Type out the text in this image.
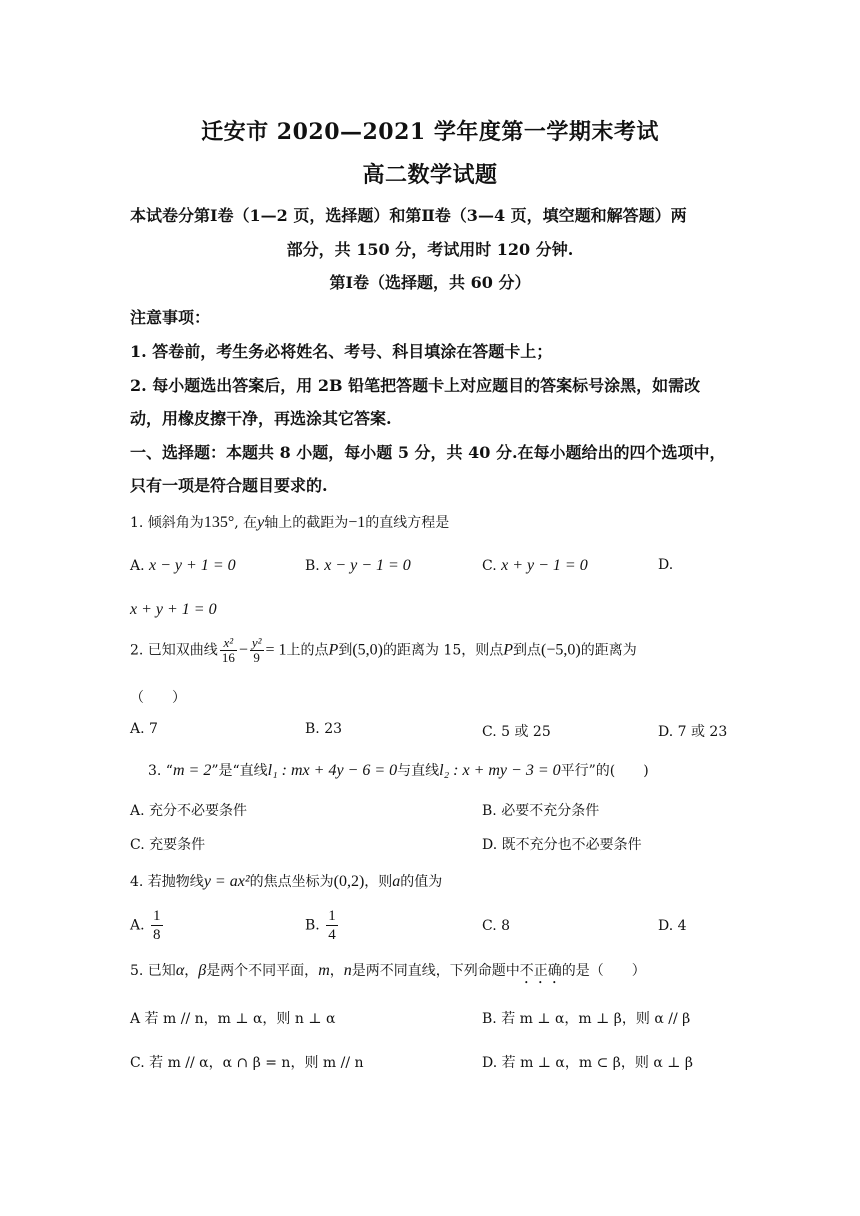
迁安市 2020—2021 学年度第一学期末考试
高二数学试题
本试卷分第Ⅰ卷（1—2 页，选择题）和第Ⅱ卷（3—4 页，填空题和解答题）两
部分，共 150 分，考试用时 120 分钟.
第Ⅰ卷（选择题，共 60 分）
注意事项：
1. 答卷前，考生务必将姓名、考号、科目填涂在答题卡上；
2. 每小题选出答案后，用 2B 铅笔把答题卡上对应题目的答案标号涂黑，如需改
动，用橡皮擦干净，再选涂其它答案.
一、选择题：本题共 8 小题，每小题 5 分，共 40 分.在每小题给出的四个选项中，
只有一项是符合题目要求的.
1. 倾斜角为135°, 在y轴上的截距为−1的直线方程是
A. x − y + 1 = 0	B. x − y − 1 = 0	C. x + y − 1 = 0	D.
x + y + 1 = 0
2. 已知双曲线 $\frac{\text{x²}}{16} - \frac{\text{y²}}{9} = 1$上的点P到(5,0)的距离为 15，则点P到点(−5,0)的距离为
（　　）
A. 7	B. 23	C. 5 或 25	D. 7 或 23
3. “m = 2”是“直线l₁ : mx + 4y − 6 = 0与直线l₂ : x + my − 3 = 0平行”的(　　)
A. 充分不必要条件	B. 必要不充分条件
C. 充要条件	D. 既不充分也不必要条件
4. 若抛物线y = ax²的焦点坐标为(0,2)，则a的值为
A. $\frac{1}{8}$	B. $\frac{1}{4}$	C. 8	D. 4
5. 已知α，β是两个不同平面，m，n是两不同直线，下列命题中不正确的是（　　）
A 若 m // n，m ⊥ α，则 n ⊥ α	B. 若 m ⊥ α，m ⊥ β，则 α // β
C. 若 m // α，α ∩ β = n，则 m // n	D. 若 m ⊥ α，m ⊂ β，则 α ⊥ β
